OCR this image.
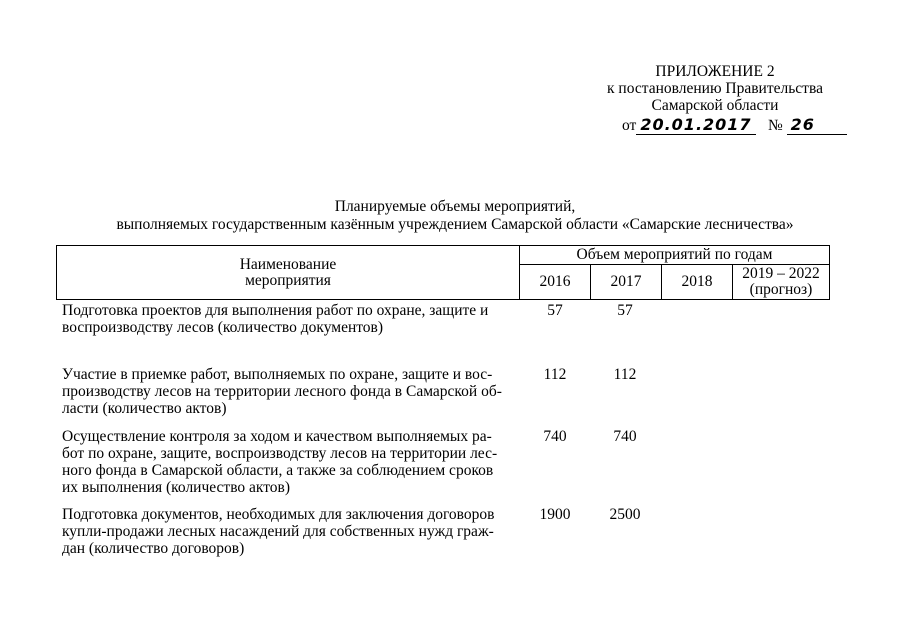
ПРИЛОЖЕНИЕ 2
к постановлению Правительства
Самарской области
от 20.01.2017 № 26
Планируемые объемы мероприятий,
выполняемых государственным казённым учреждением Самарской области «Самарские лесничества»
Наименование
мероприятия	Объем мероприятий по годам			
	2016	2017	2018	2019 – 2022
(прогноз)
Подготовка проектов для выполнения работ по охране, защите и
воспроизводству лесов (количество документов)
57	57
Участие в приемке работ, выполняемых по охране, защите и вос-
производству лесов на территории лесного фонда в Самарской об-
ласти (количество актов)
112	112
Осуществление контроля за ходом и качеством выполняемых ра-
бот по охране, защите, воспроизводству лесов на территории лес-
ного фонда в Самарской области, а также за соблюдением сроков
их выполнения (количество актов)
740	740
Подготовка документов, необходимых для заключения договоров
купли-продажи лесных насаждений для собственных нужд граж-
дан (количество договоров)
1900	2500
